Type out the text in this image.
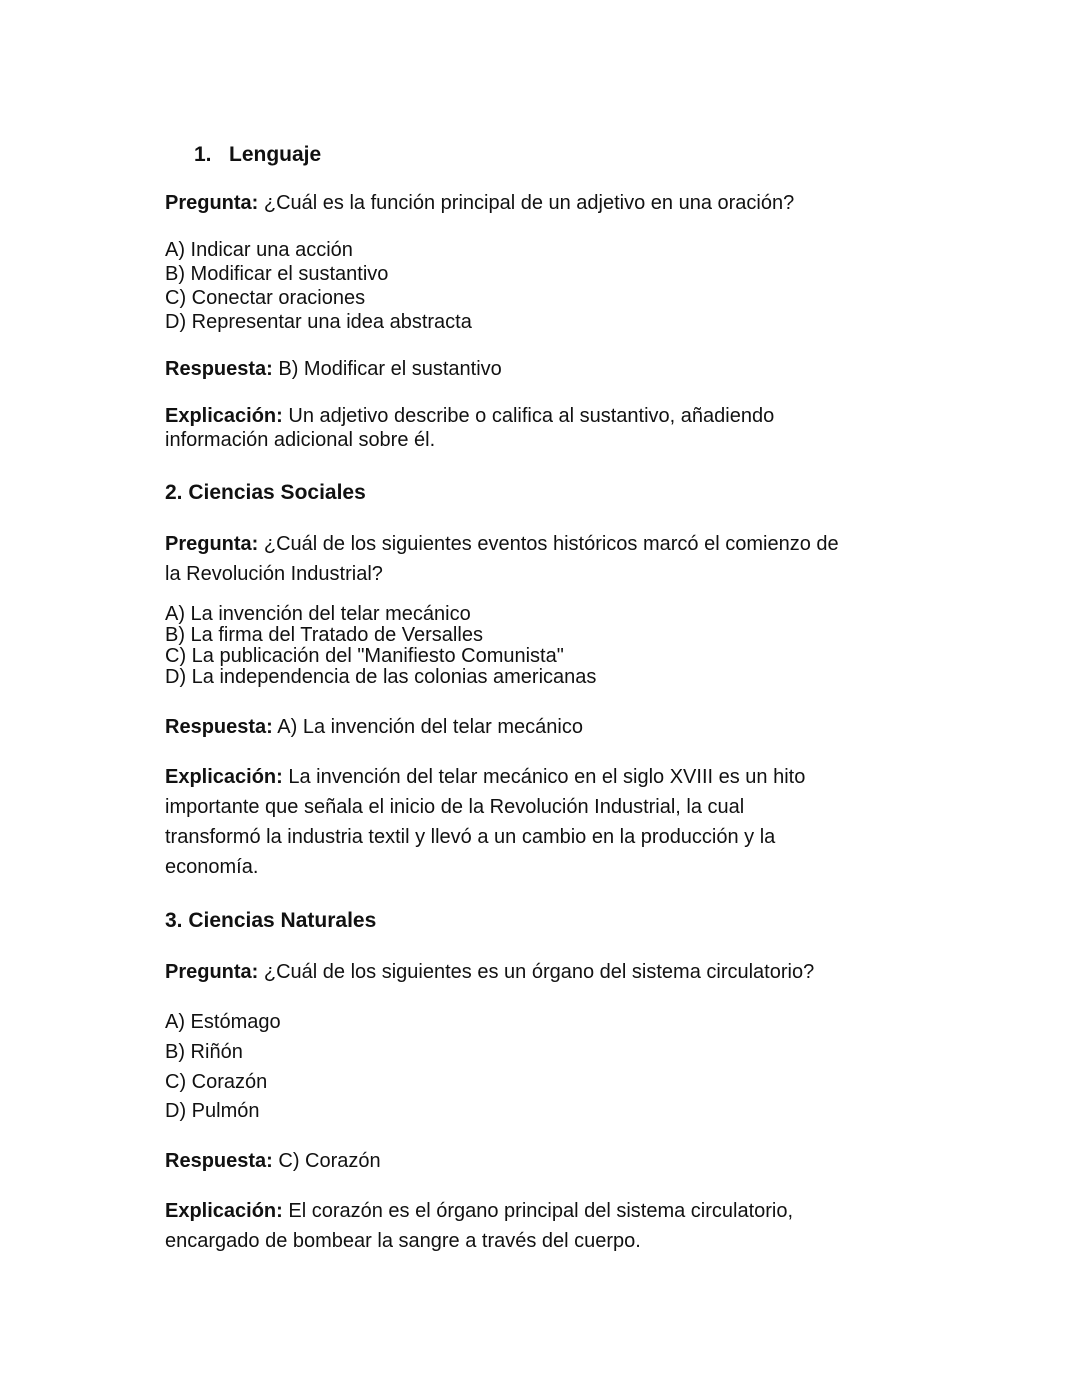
1. Lenguaje
Pregunta: ¿Cuál es la función principal de un adjetivo en una oración?
A) Indicar una acción
B) Modificar el sustantivo
C) Conectar oraciones
D) Representar una idea abstracta
Respuesta: B) Modificar el sustantivo
Explicación: Un adjetivo describe o califica al sustantivo, añadiendo
información adicional sobre él.
2. Ciencias Sociales
Pregunta: ¿Cuál de los siguientes eventos históricos marcó el comienzo de
la Revolución Industrial?
A) La invención del telar mecánico
B) La firma del Tratado de Versalles
C) La publicación del "Manifiesto Comunista"
D) La independencia de las colonias americanas
Respuesta: A) La invención del telar mecánico
Explicación: La invención del telar mecánico en el siglo XVIII es un hito
importante que señala el inicio de la Revolución Industrial, la cual
transformó la industria textil y llevó a un cambio en la producción y la
economía.
3. Ciencias Naturales
Pregunta: ¿Cuál de los siguientes es un órgano del sistema circulatorio?
A) Estómago
B) Riñón
C) Corazón
D) Pulmón
Respuesta: C) Corazón
Explicación: El corazón es el órgano principal del sistema circulatorio,
encargado de bombear la sangre a través del cuerpo.
